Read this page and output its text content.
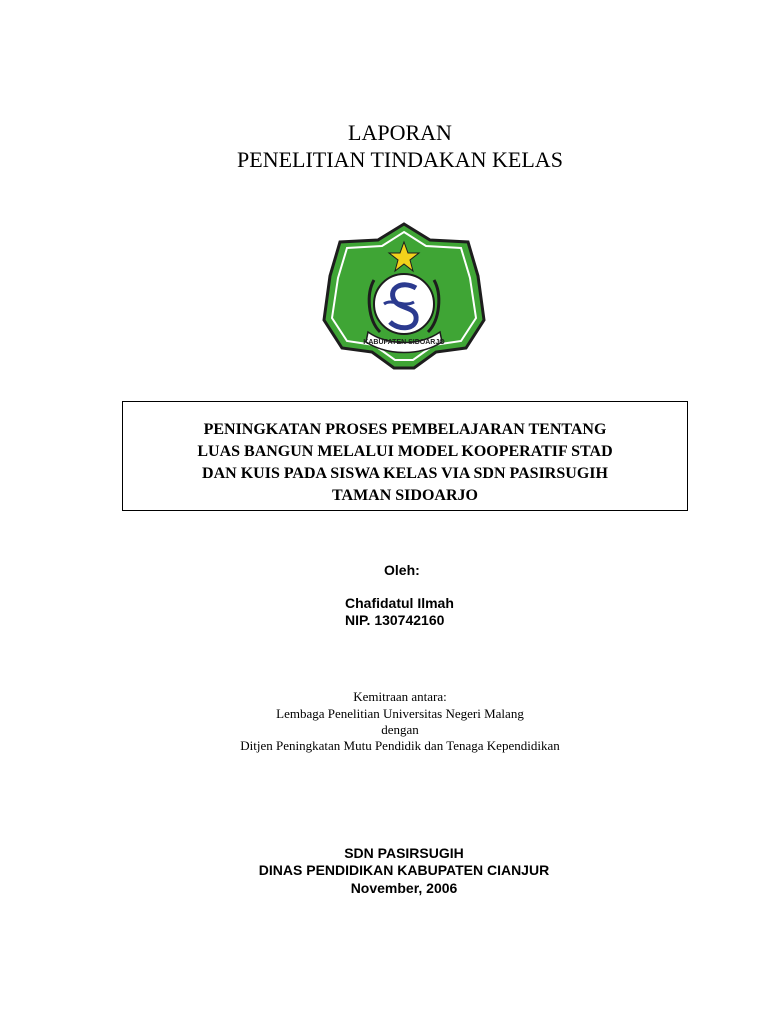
LAPORAN
PENELITIAN TINDAKAN KELAS
KABUPATEN SIDOARJO
PENINGKATAN PROSES PEMBELAJARAN TENTANG
LUAS BANGUN MELALUI MODEL KOOPERATIF STAD
DAN KUIS PADA SISWA KELAS VIA SDN PASIRSUGIH
TAMAN SIDOARJO
Oleh:
Chafidatul Ilmah
NIP. 130742160
Kemitraan antara:
Lembaga Penelitian Universitas Negeri Malang
dengan
Ditjen Peningkatan Mutu Pendidik dan Tenaga Kependidikan
SDN PASIRSUGIH
DINAS PENDIDIKAN KABUPATEN CIANJUR
November, 2006
